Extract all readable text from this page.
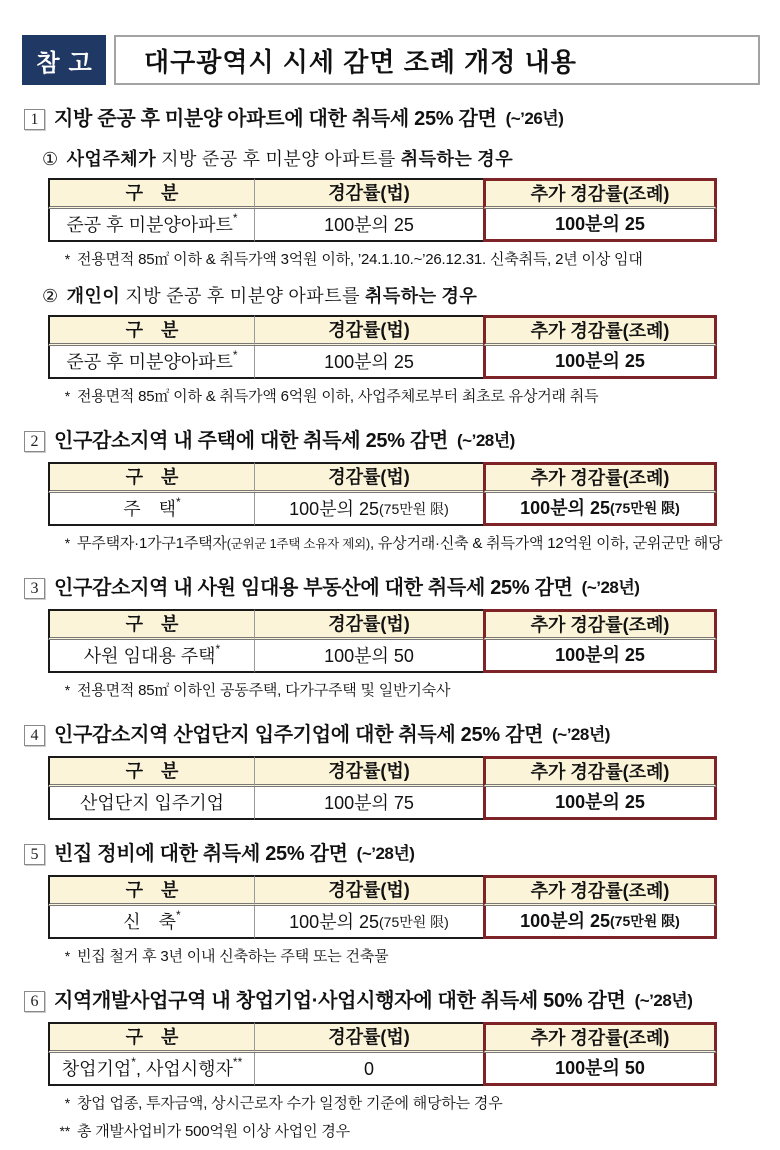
참고 대구광역시 시세 감면 조례 개정 내용
1 지방 준공 후 미분양 아파트에 대한 취득세 25% 감면 (~’26년)
① 사업주체가 지방 준공 후 미분양 아파트를 취득하는 경우
구　분	경감률(법)	추가 경감률(조례)
준공 후 미분양아파트 *	100분의 25	100분의 25
* 전용면적 85㎡ 이하 & 취득가액 3억원 이하, ’24.1.10.~’26.12.31. 신축취득, 2년 이상 임대
② 개인이 지방 준공 후 미분양 아파트를 취득하는 경우
구　분	경감률(법)	추가 경감률(조례)
준공 후 미분양아파트 *	100분의 25	100분의 25
* 전용면적 85㎡ 이하 & 취득가액 6억원 이하, 사업주체로부터 최초로 유상거래 취득
2 인구감소지역 내 주택에 대한 취득세 25% 감면 (~’28년)
구　분	경감률(법)	추가 경감률(조례)
주　택 *	100분의 25 (75만원 限)	100분의 25 (75만원 限)
* 무주택자·1가구1주택자(군위군 1주택 소유자 제외), 유상거래·신축 & 취득가액 12억원 이하, 군위군만 해당
3 인구감소지역 내 사원 임대용 부동산에 대한 취득세 25% 감면 (~’28년)
구　분	경감률(법)	추가 경감률(조례)
사원 임대용 주택 *	100분의 50	100분의 25
* 전용면적 85㎡ 이하인 공동주택, 다가구주택 및 일반기숙사
4 인구감소지역 산업단지 입주기업에 대한 취득세 25% 감면 (~’28년)
구　분	경감률(법)	추가 경감률(조례)
산업단지 입주기업	100분의 75	100분의 25
5 빈집 정비에 대한 취득세 25% 감면 (~’28년)
구　분	경감률(법)	추가 경감률(조례)
신　축 *	100분의 25 (75만원 限)	100분의 25 (75만원 限)
* 빈집 철거 후 3년 이내 신축하는 주택 또는 건축물
6 지역개발사업구역 내 창업기업·사업시행자에 대한 취득세 50% 감면 (~’28년)
구　분	경감률(법)	추가 경감률(조례)
창업기업 * , 사업시행자 **	0	100분의 50
* 창업 업종, 투자금액, 상시근로자 수가 일정한 기준에 해당하는 경우
** 총 개발사업비가 500억원 이상 사업인 경우
